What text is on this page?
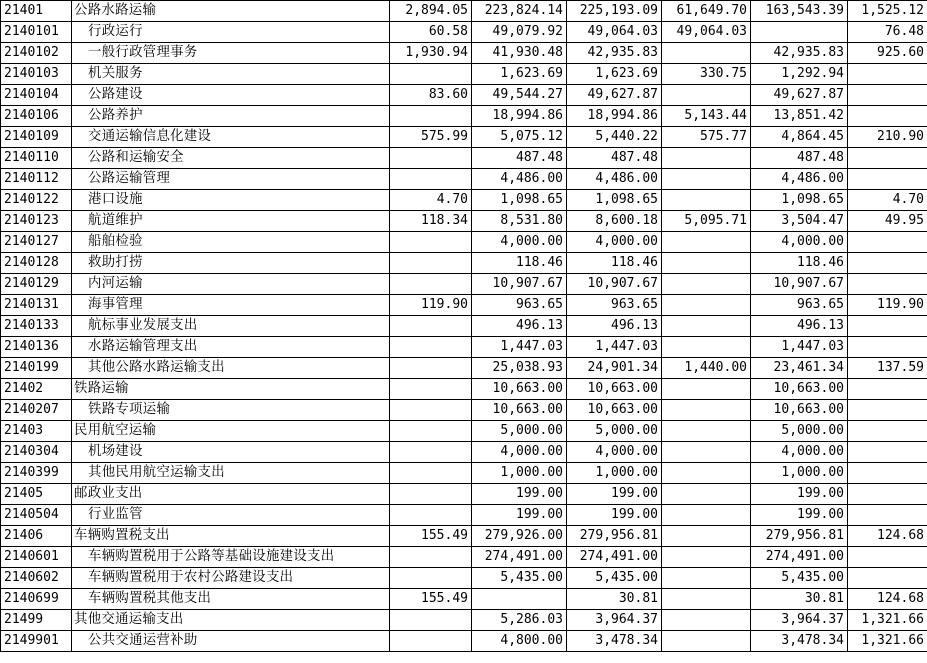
21401	公路水路运输	2,894.05	223,824.14	225,193.09	61,649.70	163,543.39	1,525.12
2140101	行政运行	60.58	49,079.92	49,064.03	49,064.03		76.48
2140102	一般行政管理事务	1,930.94	41,930.48	42,935.83		42,935.83	925.60
2140103	机关服务		1,623.69	1,623.69	330.75	1,292.94	
2140104	公路建设	83.60	49,544.27	49,627.87		49,627.87	
2140106	公路养护		18,994.86	18,994.86	5,143.44	13,851.42	
2140109	交通运输信息化建设	575.99	5,075.12	5,440.22	575.77	4,864.45	210.90
2140110	公路和运输安全		487.48	487.48		487.48	
2140112	公路运输管理		4,486.00	4,486.00		4,486.00	
2140122	港口设施	4.70	1,098.65	1,098.65		1,098.65	4.70
2140123	航道维护	118.34	8,531.80	8,600.18	5,095.71	3,504.47	49.95
2140127	船舶检验		4,000.00	4,000.00		4,000.00	
2140128	救助打捞		118.46	118.46		118.46	
2140129	内河运输		10,907.67	10,907.67		10,907.67	
2140131	海事管理	119.90	963.65	963.65		963.65	119.90
2140133	航标事业发展支出		496.13	496.13		496.13	
2140136	水路运输管理支出		1,447.03	1,447.03		1,447.03	
2140199	其他公路水路运输支出		25,038.93	24,901.34	1,440.00	23,461.34	137.59
21402	铁路运输		10,663.00	10,663.00		10,663.00	
2140207	铁路专项运输		10,663.00	10,663.00		10,663.00	
21403	民用航空运输		5,000.00	5,000.00		5,000.00	
2140304	机场建设		4,000.00	4,000.00		4,000.00	
2140399	其他民用航空运输支出		1,000.00	1,000.00		1,000.00	
21405	邮政业支出		199.00	199.00		199.00	
2140504	行业监管		199.00	199.00		199.00	
21406	车辆购置税支出	155.49	279,926.00	279,956.81		279,956.81	124.68
2140601	车辆购置税用于公路等基础设施建设支出		274,491.00	274,491.00		274,491.00	
2140602	车辆购置税用于农村公路建设支出		5,435.00	5,435.00		5,435.00	
2140699	车辆购置税其他支出	155.49		30.81		30.81	124.68
21499	其他交通运输支出		5,286.03	3,964.37		3,964.37	1,321.66
2149901	公共交通运营补助		4,800.00	3,478.34		3,478.34	1,321.66
